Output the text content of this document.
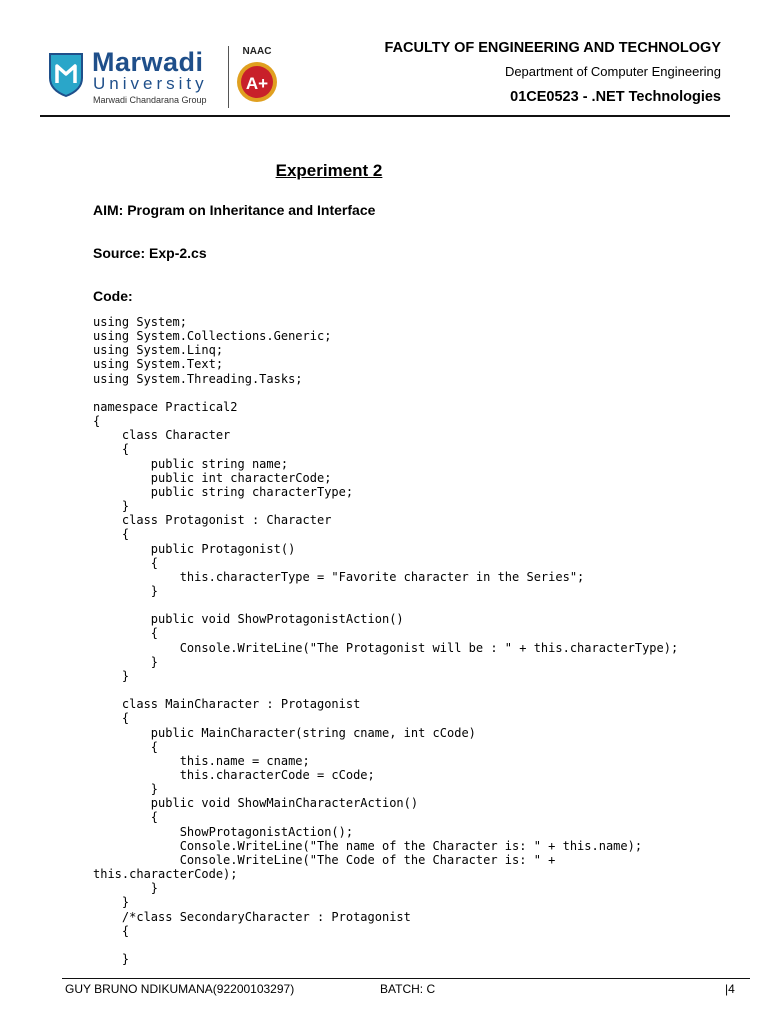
Marwadi
University
Marwadi Chandarana Group
NAAC
A+
FACULTY OF ENGINEERING AND TECHNOLOGY
Department of Computer Engineering
01CE0523 - .NET Technologies
Experiment 2
AIM: Program on Inheritance and Interface
Source: Exp-2.cs
Code:
using System;
using System.Collections.Generic;
using System.Linq;
using System.Text;
using System.Threading.Tasks;

namespace Practical2
{
class Character
{
public string name;
public int characterCode;
public string characterType;
}
class Protagonist : Character
{
public Protagonist()
{
this.characterType = "Favorite character in the Series";
}

public void ShowProtagonistAction()
{
Console.WriteLine("The Protagonist will be : " + this.characterType);
}
}

class MainCharacter : Protagonist
{
public MainCharacter(string cname, int cCode)
{
this.name = cname;
this.characterCode = cCode;
}
public void ShowMainCharacterAction()
{
ShowProtagonistAction();
Console.WriteLine("The name of the Character is: " + this.name);
Console.WriteLine("The Code of the Character is: " +
this.characterCode);
}
}
/*class SecondaryCharacter : Protagonist
{

}
GUY BRUNO NDIKUMANA(92200103297)	BATCH: C	|4
